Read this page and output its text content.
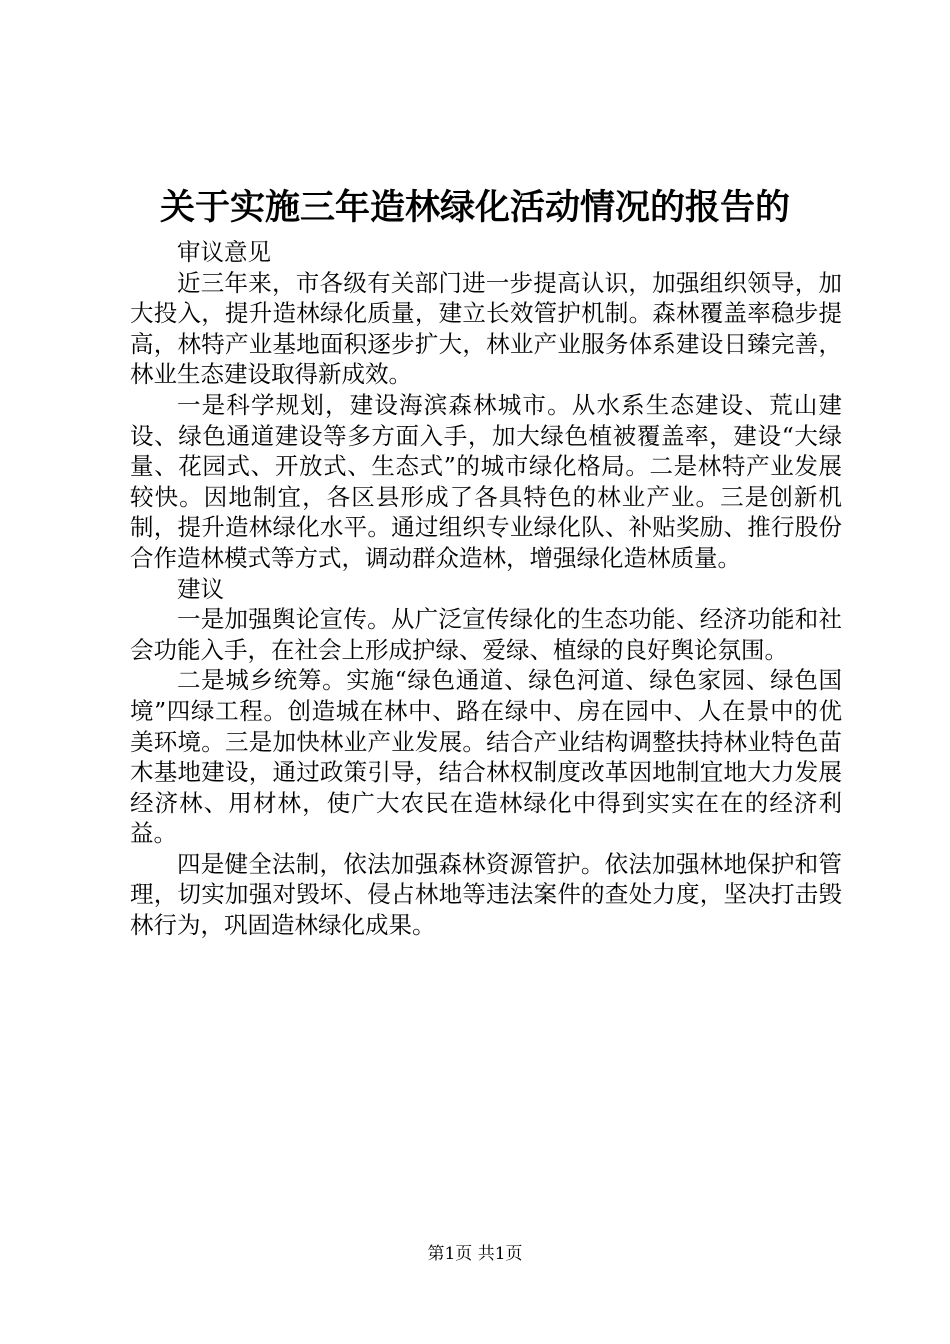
关于实施三年造林绿化活动情况的报告的

审议意见

近三年来，市各级有关部门进一步提高认识，加强组织领导，加大投入，提升造林绿化质量，建立长效管护机制。森林覆盖率稳步提高，林特产业基地面积逐步扩大，林业产业服务体系建设日臻完善，林业生态建设取得新成效。

一是科学规划，建设海滨森林城市。从水系生态建设、荒山建设、绿色通道建设等多方面入手，加大绿色植被覆盖率，建设“大绿量、花园式、开放式、生态式”的城市绿化格局。二是林特产业发展较快。因地制宜，各区县形成了各具特色的林业产业。三是创新机制，提升造林绿化水平。通过组织专业绿化队、补贴奖励、推行股份合作造林模式等方式，调动群众造林，增强绿化造林质量。

建议

一是加强舆论宣传。从广泛宣传绿化的生态功能、经济功能和社会功能入手，在社会上形成护绿、爱绿、植绿的良好舆论氛围。

二是城乡统筹。实施“绿色通道、绿色河道、绿色家园、绿色国境”四绿工程。创造城在林中、路在绿中、房在园中、人在景中的优美环境。三是加快林业产业发展。结合产业结构调整扶持林业特色苗木基地建设，通过政策引导，结合林权制度改革因地制宜地大力发展经济林、用材林，使广大农民在造林绿化中得到实实在在的经济利益。

四是健全法制，依法加强森林资源管护。依法加强林地保护和管理，切实加强对毁坏、侵占林地等违法案件的查处力度，坚决打击毁林行为，巩固造林绿化成果。

第1页 共1页
